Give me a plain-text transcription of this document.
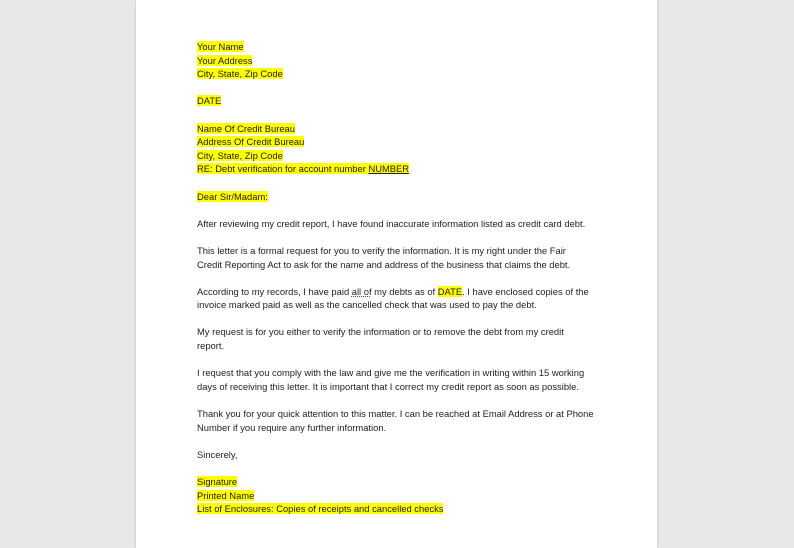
Your Name
Your Address
City, State, Zip Code
DATE
Name Of Credit Bureau
Address Of Credit Bureau
City, State, Zip Code
RE: Debt verification for account number NUMBER
Dear Sir/Madam:
After reviewing my credit report, I have found inaccurate information listed as credit card debt.
This letter is a formal request for you to verify the information. It is my right under the Fair
Credit Reporting Act to ask for the name and address of the business that claims the debt.
According to my records, I have paid all of my debts as of DATE. I have enclosed copies of the
invoice marked paid as well as the cancelled check that was used to pay the debt.
My request is for you either to verify the information or to remove the debt from my credit
report.
I request that you comply with the law and give me the verification in writing within 15 working
days of receiving this letter. It is important that I correct my credit report as soon as possible.
Thank you for your quick attention to this matter. I can be reached at Email Address or at Phone
Number if you require any further information.
Sincerely,
Signature
Printed Name
List of Enclosures: Copies of receipts and cancelled checks
